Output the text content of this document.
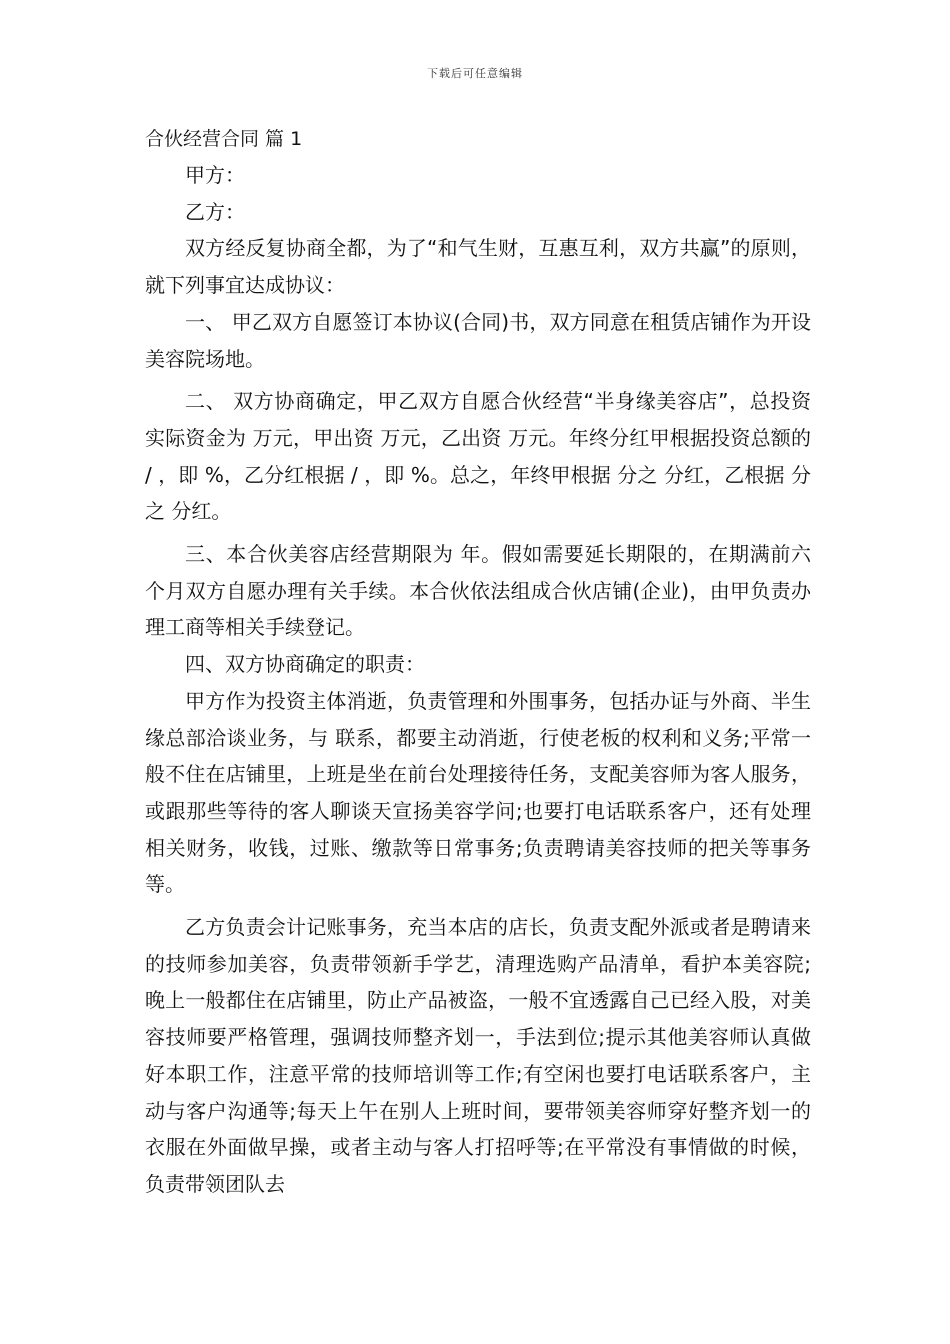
下载后可任意编辑
合伙经营合同 篇 1

甲方：

乙方：

双方经反复协商全都，为了“和气生财，互惠互利，双方共赢”的原则，就下列事宜达成协议：

一、 甲乙双方自愿签订本协议(合同)书，双方同意在租赁店铺作为开设美容院场地。

二、 双方协商确定，甲乙双方自愿合伙经营“半身缘美容店”，总投资实际资金为 万元，甲出资 万元，乙出资 万元。年终分红甲根据投资总额的 / ，即 %，乙分红根据 / ，即 %。总之，年终甲根据 分之 分红，乙根据 分之 分红。

三、本合伙美容店经营期限为 年。假如需要延长期限的，在期满前六个月双方自愿办理有关手续。本合伙依法组成合伙店铺(企业)，由甲负责办理工商等相关手续登记。

四、双方协商确定的职责：

甲方作为投资主体消逝，负责管理和外围事务，包括办证与外商、半生缘总部洽谈业务，与 联系，都要主动消逝，行使老板的权利和义务;平常一般不住在店铺里，上班是坐在前台处理接待任务，支配美容师为客人服务，或跟那些等待的客人聊谈天宣扬美容学问;也要打电话联系客户，还有处理相关财务，收钱，过账、缴款等日常事务;负责聘请美容技师的把关等事务等。

乙方负责会计记账事务，充当本店的店长，负责支配外派或者是聘请来的技师参加美容，负责带领新手学艺，清理选购产品清单，看护本美容院;晚上一般都住在店铺里，防止产品被盗，一般不宜透露自己已经入股，对美容技师要严格管理，强调技师整齐划一，手法到位;提示其他美容师认真做好本职工作，注意平常的技师培训等工作;有空闲也要打电话联系客户，主动与客户沟通等;每天上午在别人上班时间，要带领美容师穿好整齐划一的衣服在外面做早操，或者主动与客人打招呼等;在平常没有事情做的时候，负责带领团队去
